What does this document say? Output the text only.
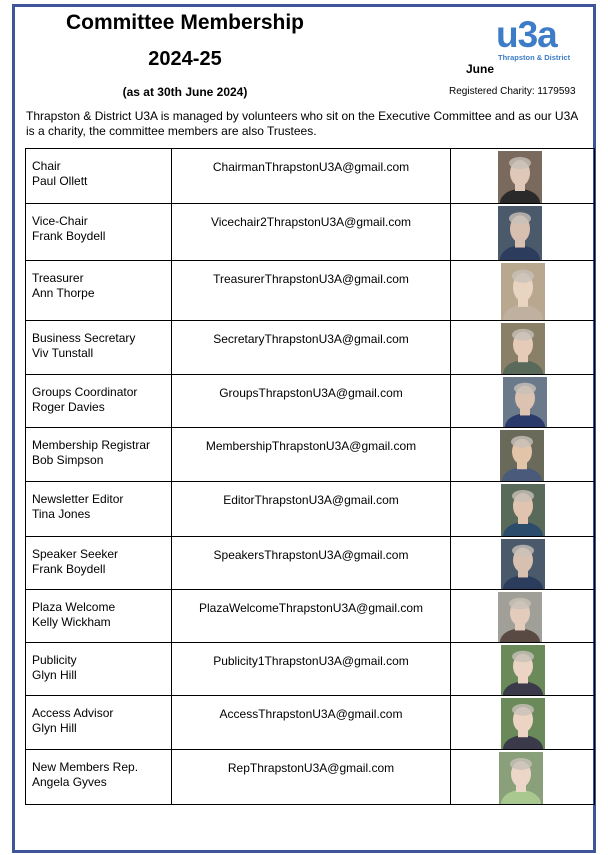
Committee Membership
2024-25
(as at 30th June 2024)
u3a
Thrapston & District
June
Registered Charity: 1179593
Thrapston & District U3A is managed by volunteers who sit on the Executive Committee and as our U3A is a charity, the committee members are also Trustees.
Chair
Paul Ollett	ChairmanThrapstonU3A@gmail.com

Vice-Chair
Frank Boydell	Vicechair2ThrapstonU3A@gmail.com

Treasurer
Ann Thorpe	TreasurerThrapstonU3A@gmail.com

Business Secretary
Viv Tunstall	SecretaryThrapstonU3A@gmail.com

Groups Coordinator
Roger Davies	GroupsThrapstonU3A@gmail.com

Membership Registrar
Bob Simpson	MembershipThrapstonU3A@gmail.com

Newsletter Editor
Tina Jones	EditorThrapstonU3A@gmail.com

Speaker Seeker
Frank Boydell	SpeakersThrapstonU3A@gmail.com

Plaza Welcome
Kelly Wickham	PlazaWelcomeThrapstonU3A@gmail.com

Publicity
Glyn Hill	Publicity1ThrapstonU3A@gmail.com

Access Advisor
Glyn Hill	AccessThrapstonU3A@gmail.com

New Members Rep.
Angela Gyves	RepThrapstonU3A@gmail.com
